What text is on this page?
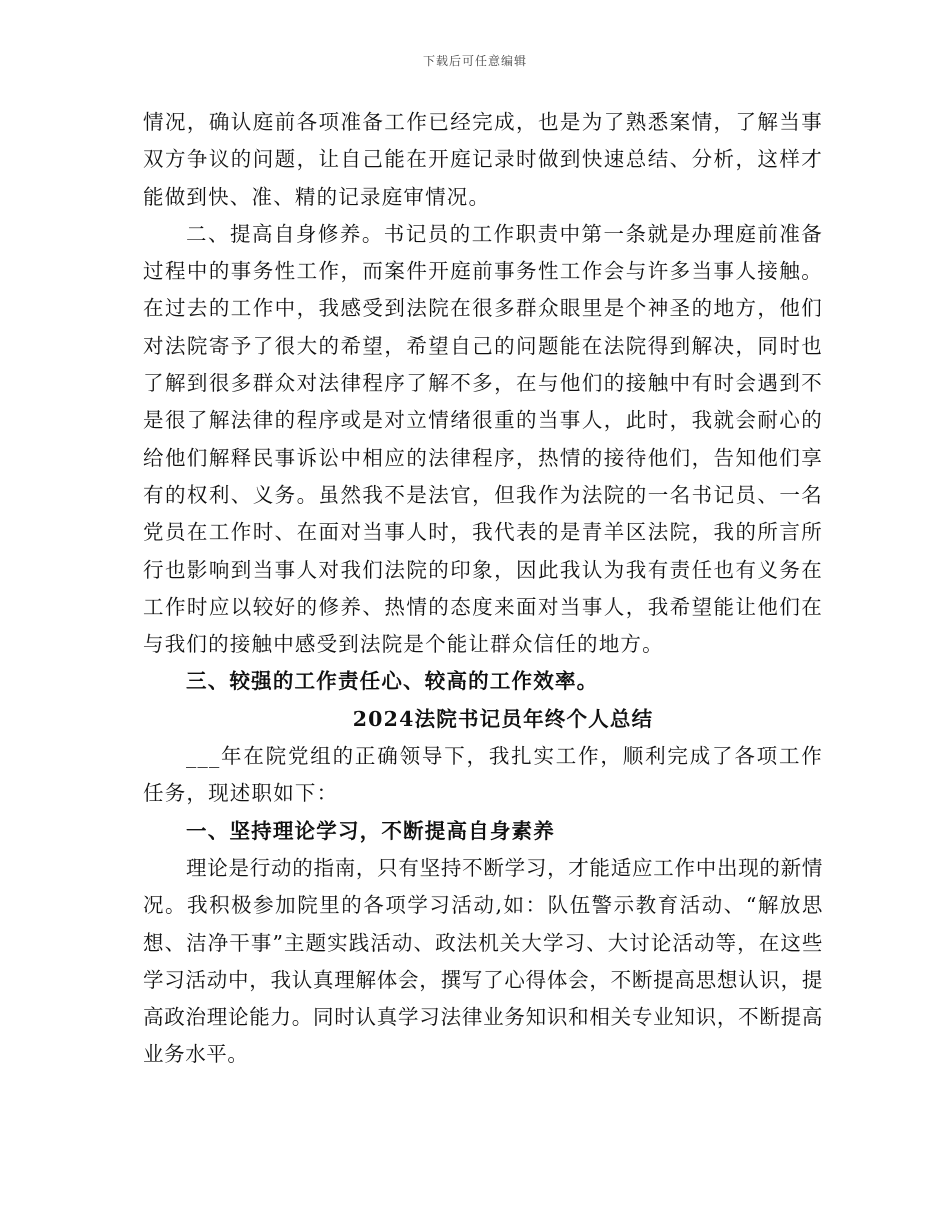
下载后可任意编辑

情况，确认庭前各项准备工作已经完成，也是为了熟悉案情，了解当事双方争议的问题，让自己能在开庭记录时做到快速总结、分析，这样才能做到快、准、精的记录庭审情况。

二、提高自身修养。书记员的工作职责中第一条就是办理庭前准备过程中的事务性工作，而案件开庭前事务性工作会与许多当事人接触。在过去的工作中，我感受到法院在很多群众眼里是个神圣的地方，他们对法院寄予了很大的希望，希望自己的问题能在法院得到解决，同时也了解到很多群众对法律程序了解不多，在与他们的接触中有时会遇到不是很了解法律的程序或是对立情绪很重的当事人，此时，我就会耐心的给他们解释民事诉讼中相应的法律程序，热情的接待他们，告知他们享有的权利、义务。虽然我不是法官，但我作为法院的一名书记员、一名党员在工作时、在面对当事人时，我代表的是青羊区法院，我的所言所行也影响到当事人对我们法院的印象，因此我认为我有责任也有义务在工作时应以较好的修养、热情的态度来面对当事人，我希望能让他们在与我们的接触中感受到法院是个能让群众信任的地方。

三、较强的工作责任心、较高的工作效率。

2024法院书记员年终个人总结

___年在院党组的正确领导下，我扎实工作，顺利完成了各项工作任务，现述职如下：

一、坚持理论学习，不断提高自身素养

理论是行动的指南，只有坚持不断学习，才能适应工作中出现的新情况。我积极参加院里的各项学习活动,如：队伍警示教育活动、“解放思想、洁净干事”主题实践活动、政法机关大学习、大讨论活动等，在这些学习活动中，我认真理解体会，撰写了心得体会，不断提高思想认识，提高政治理论能力。同时认真学习法律业务知识和相关专业知识，不断提高业务水平。
